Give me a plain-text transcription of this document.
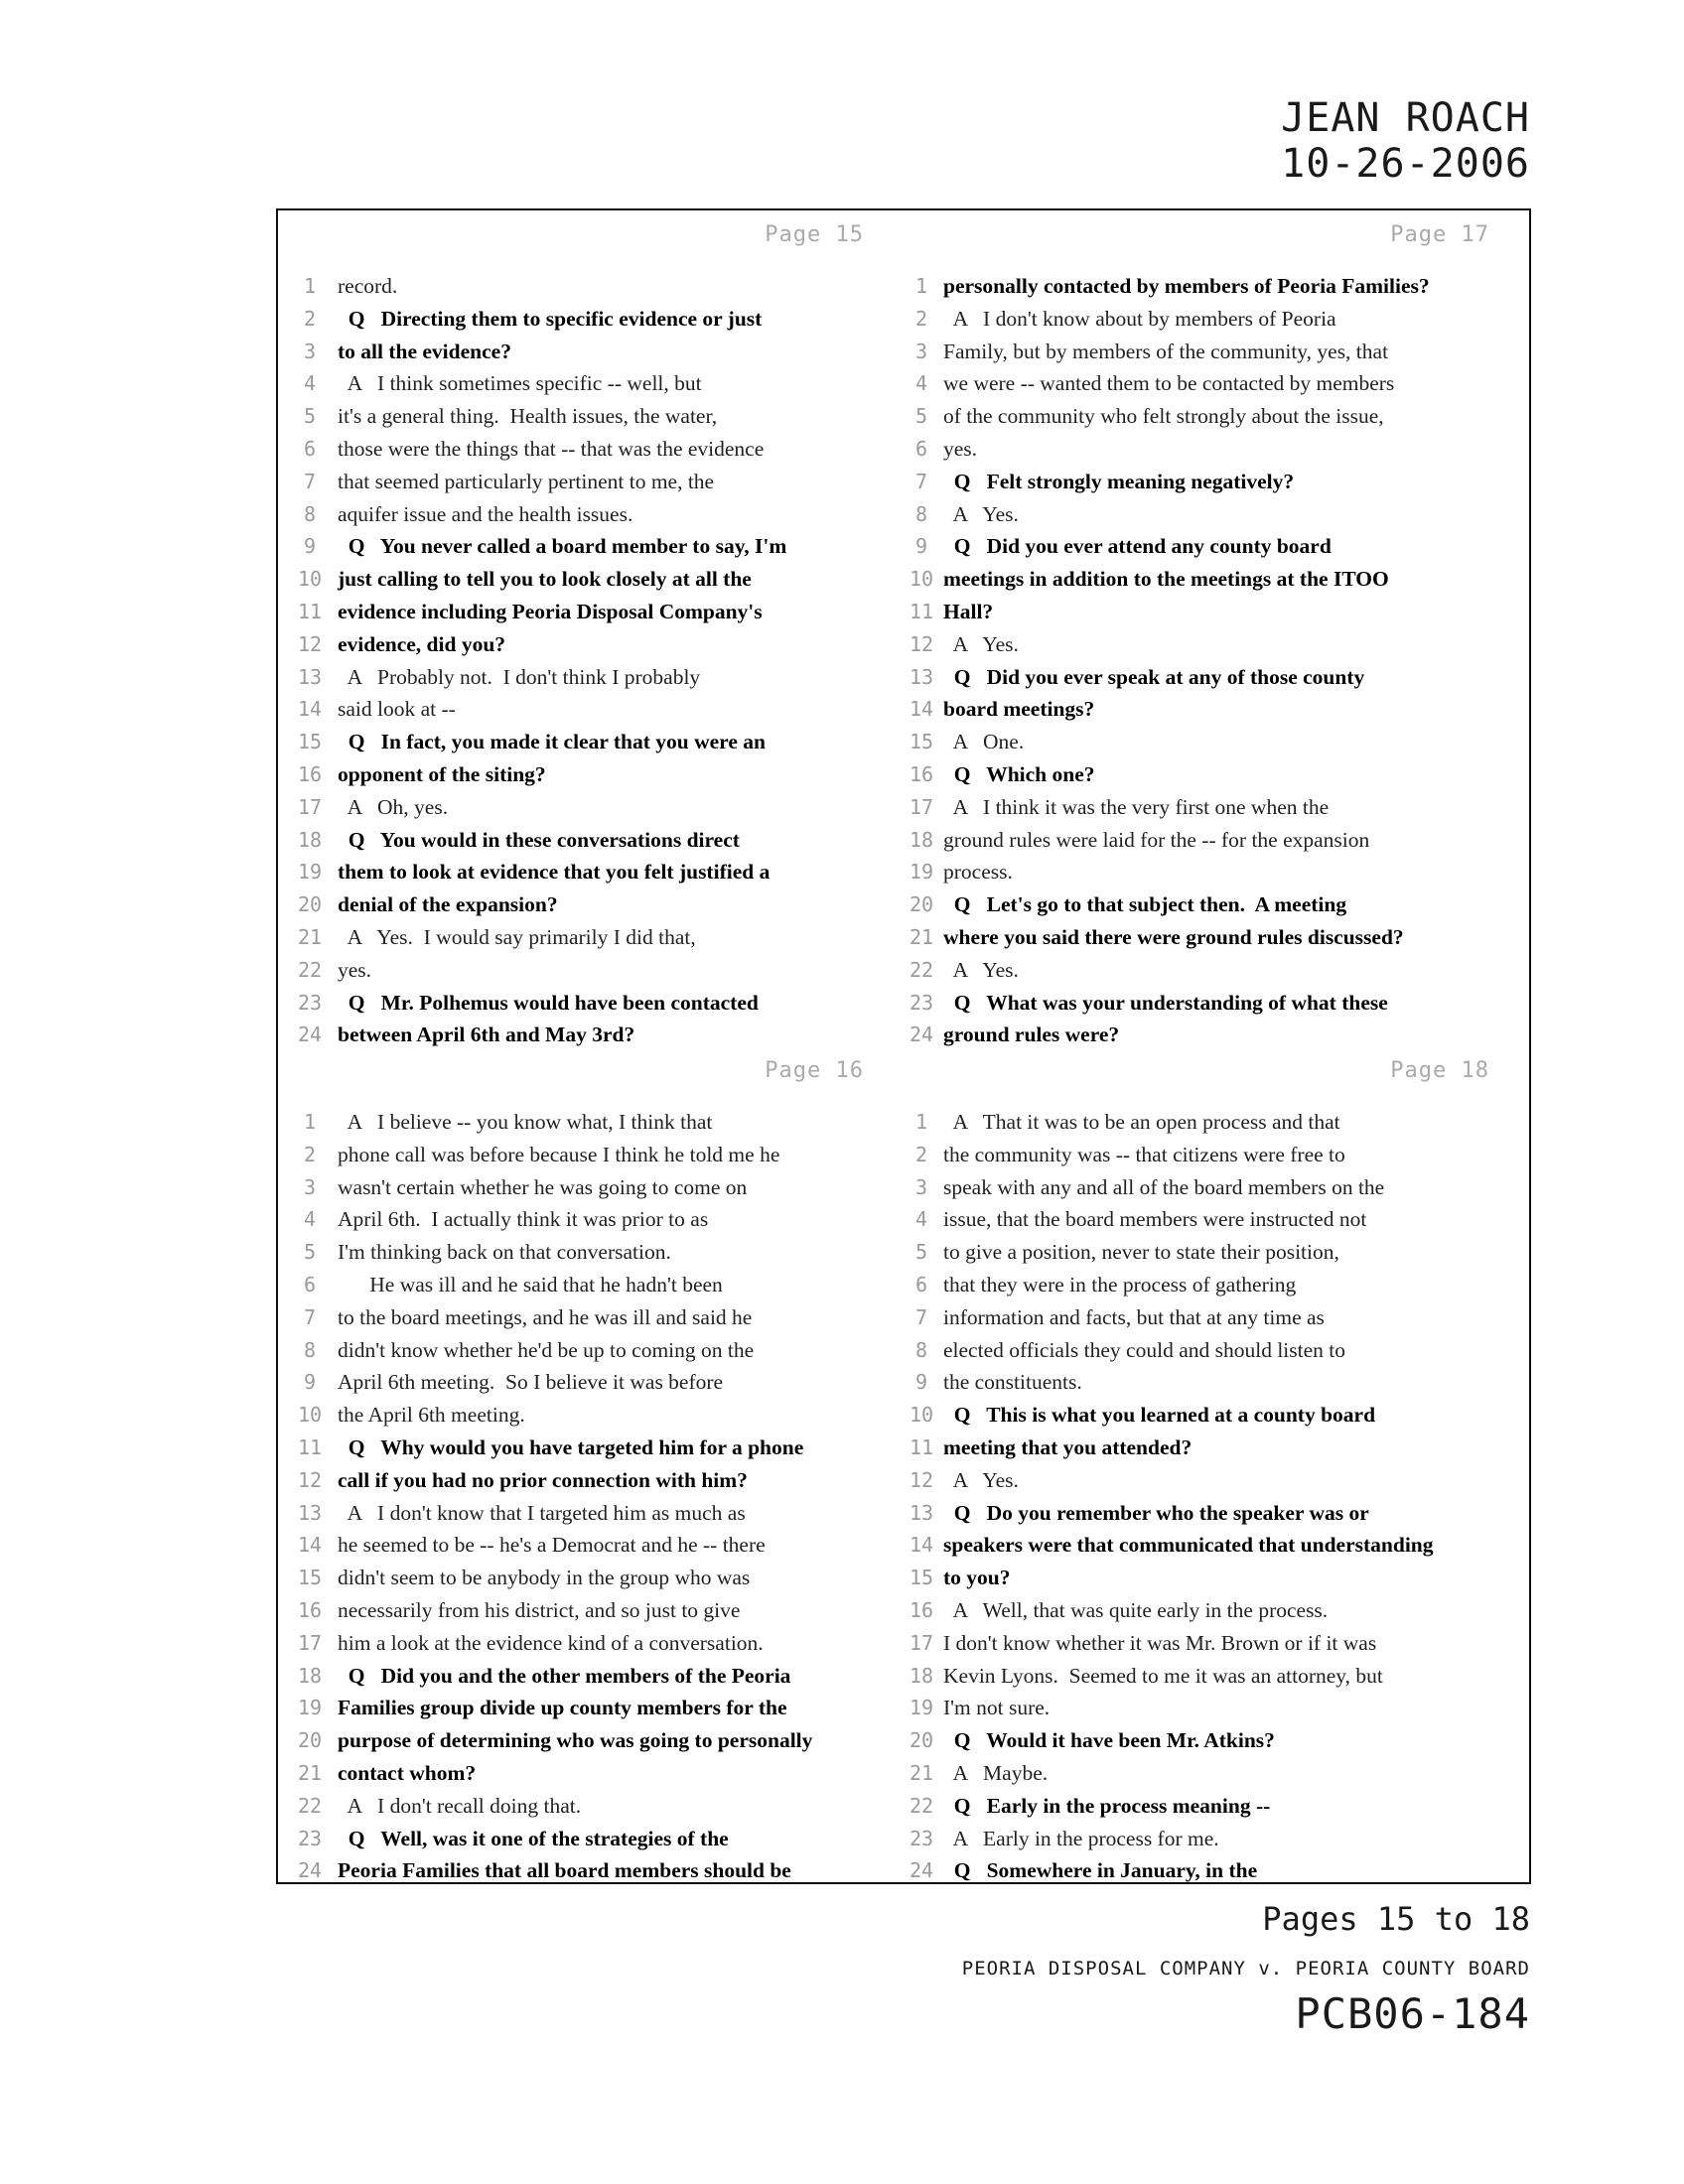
JEAN ROACH
10-26-2006
Page 15
1	record.
2	Q   Directing them to specific evidence or just
3	to all the evidence?
4	A   I think sometimes specific -- well, but
5	it's a general thing.  Health issues, the water,
6	those were the things that -- that was the evidence
7	that seemed particularly pertinent to me, the
8	aquifer issue and the health issues.
9	Q   You never called a board member to say, I'm
10 just calling to tell you to look closely at all the
11 evidence including Peoria Disposal Company's
12 evidence, did you?
13 A   Probably not.  I don't think I probably
14 said look at --
15 Q   In fact, you made it clear that you were an
16 opponent of the siting?
17 A   Oh, yes.
18 Q   You would in these conversations direct
19 them to look at evidence that you felt justified a
20 denial of the expansion?
21 A   Yes.  I would say primarily I did that,
22 yes.
23 Q   Mr. Polhemus would have been contacted
24 between April 6th and May 3rd?
Page 17
1 personally contacted by members of Peoria Families?
2 A   I don't know about by members of Peoria
3 Family, but by members of the community, yes, that
4 we were -- wanted them to be contacted by members
5 of the community who felt strongly about the issue,
6 yes.
7 Q   Felt strongly meaning negatively?
8 A   Yes.
9 Q   Did you ever attend any county board
10 meetings in addition to the meetings at the ITOO
11 Hall?
12 A   Yes.
13 Q   Did you ever speak at any of those county
14 board meetings?
15 A   One.
16 Q   Which one?
17 A   I think it was the very first one when the
18 ground rules were laid for the -- for the expansion
19 process.
20 Q   Let's go to that subject then.  A meeting
21 where you said there were ground rules discussed?
22 A   Yes.
23 Q   What was your understanding of what these
24 ground rules were?
Page 16
1	A   I believe -- you know what, I think that
2	phone call was before because I think he told me he
3	wasn't certain whether he was going to come on
4	April 6th.  I actually think it was prior to as
5	I'm thinking back on that conversation.
6	He was ill and he said that he hadn't been
7	to the board meetings, and he was ill and said he
8	didn't know whether he'd be up to coming on the
9	April 6th meeting.  So I believe it was before
10 the April 6th meeting.
11 Q   Why would you have targeted him for a phone
12 call if you had no prior connection with him?
13 A   I don't know that I targeted him as much as
14 he seemed to be -- he's a Democrat and he -- there
15 didn't seem to be anybody in the group who was
16 necessarily from his district, and so just to give
17 him a look at the evidence kind of a conversation.
18 Q   Did you and the other members of the Peoria
19 Families group divide up county members for the
20 purpose of determining who was going to personally
21 contact whom?
22 A   I don't recall doing that.
23 Q   Well, was it one of the strategies of the
24 Peoria Families that all board members should be
Page 18
1 A   That it was to be an open process and that
2 the community was -- that citizens were free to
3 speak with any and all of the board members on the
4 issue, that the board members were instructed not
5 to give a position, never to state their position,
6 that they were in the process of gathering
7 information and facts, but that at any time as
8 elected officials they could and should listen to
9 the constituents.
10 Q   This is what you learned at a county board
11 meeting that you attended?
12 A   Yes.
13 Q   Do you remember who the speaker was or
14 speakers were that communicated that understanding
15 to you?
16 A   Well, that was quite early in the process.
17 I don't know whether it was Mr. Brown or if it was
18 Kevin Lyons.  Seemed to me it was an attorney, but
19 I'm not sure.
20 Q   Would it have been Mr. Atkins?
21 A   Maybe.
22 Q   Early in the process meaning --
23 A   Early in the process for me.
24 Q   Somewhere in January, in the
Pages 15 to 18
PEORIA DISPOSAL COMPANY v. PEORIA COUNTY BOARD
PCB06-184
